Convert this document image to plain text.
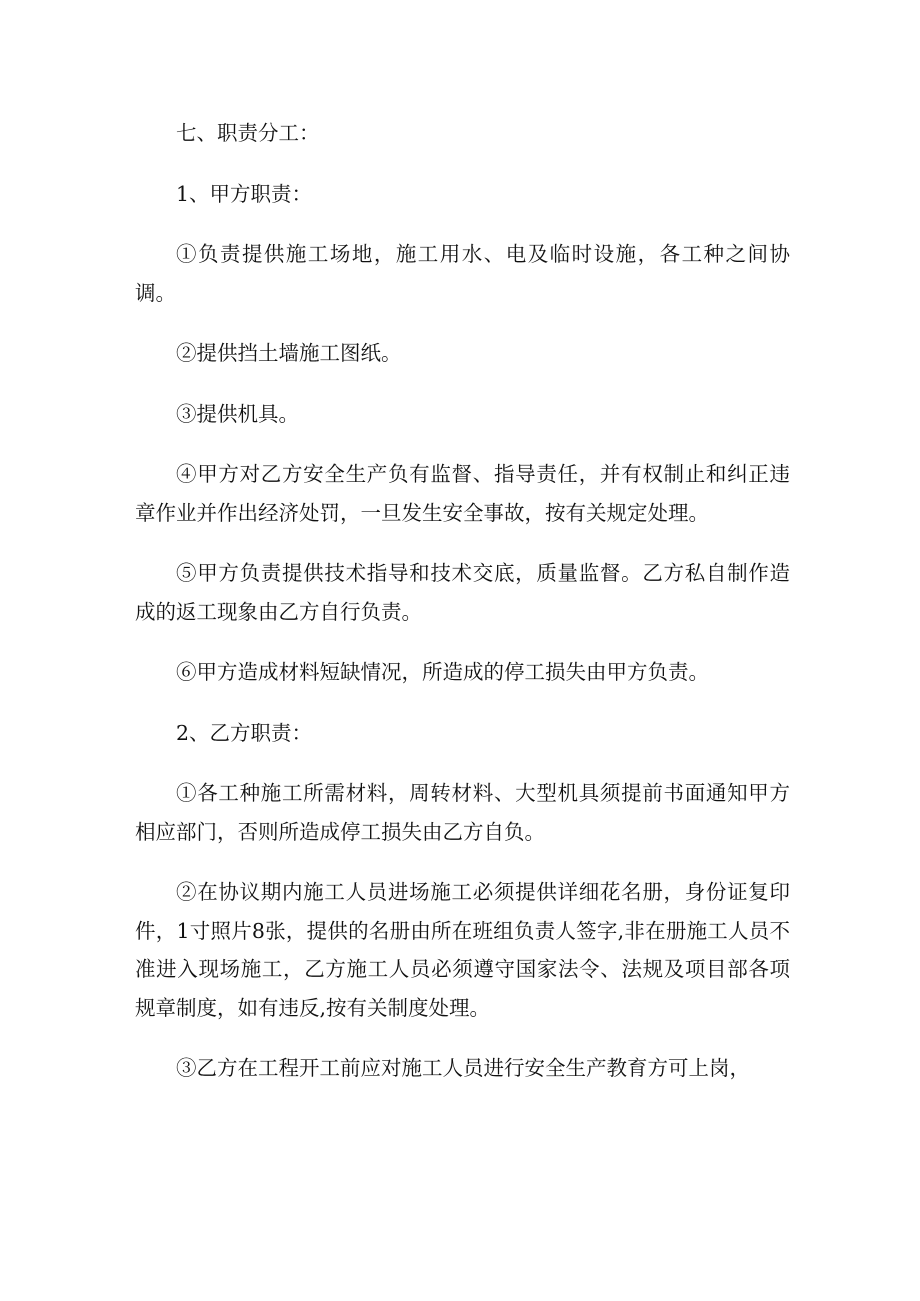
七、职责分工：

1、甲方职责：

①负责提供施工场地，施工用水、电及临时设施，各工种之间协调。

②提供挡土墙施工图纸。

③提供机具。

④甲方对乙方安全生产负有监督、指导责任，并有权制止和纠正违章作业并作出经济处罚，一旦发生安全事故，按有关规定处理。

⑤甲方负责提供技术指导和技术交底，质量监督。乙方私自制作造成的返工现象由乙方自行负责。

⑥甲方造成材料短缺情况，所造成的停工损失由甲方负责。

2、乙方职责：

①各工种施工所需材料，周转材料、大型机具须提前书面通知甲方相应部门，否则所造成停工损失由乙方自负。

②在协议期内施工人员进场施工必须提供详细花名册，身份证复印件，1寸照片8张，提供的名册由所在班组负责人签字,非在册施工人员不准进入现场施工，乙方施工人员必须遵守国家法令、法规及项目部各项规章制度，如有违反,按有关制度处理。

③乙方在工程开工前应对施工人员进行安全生产教育方可上岗，
